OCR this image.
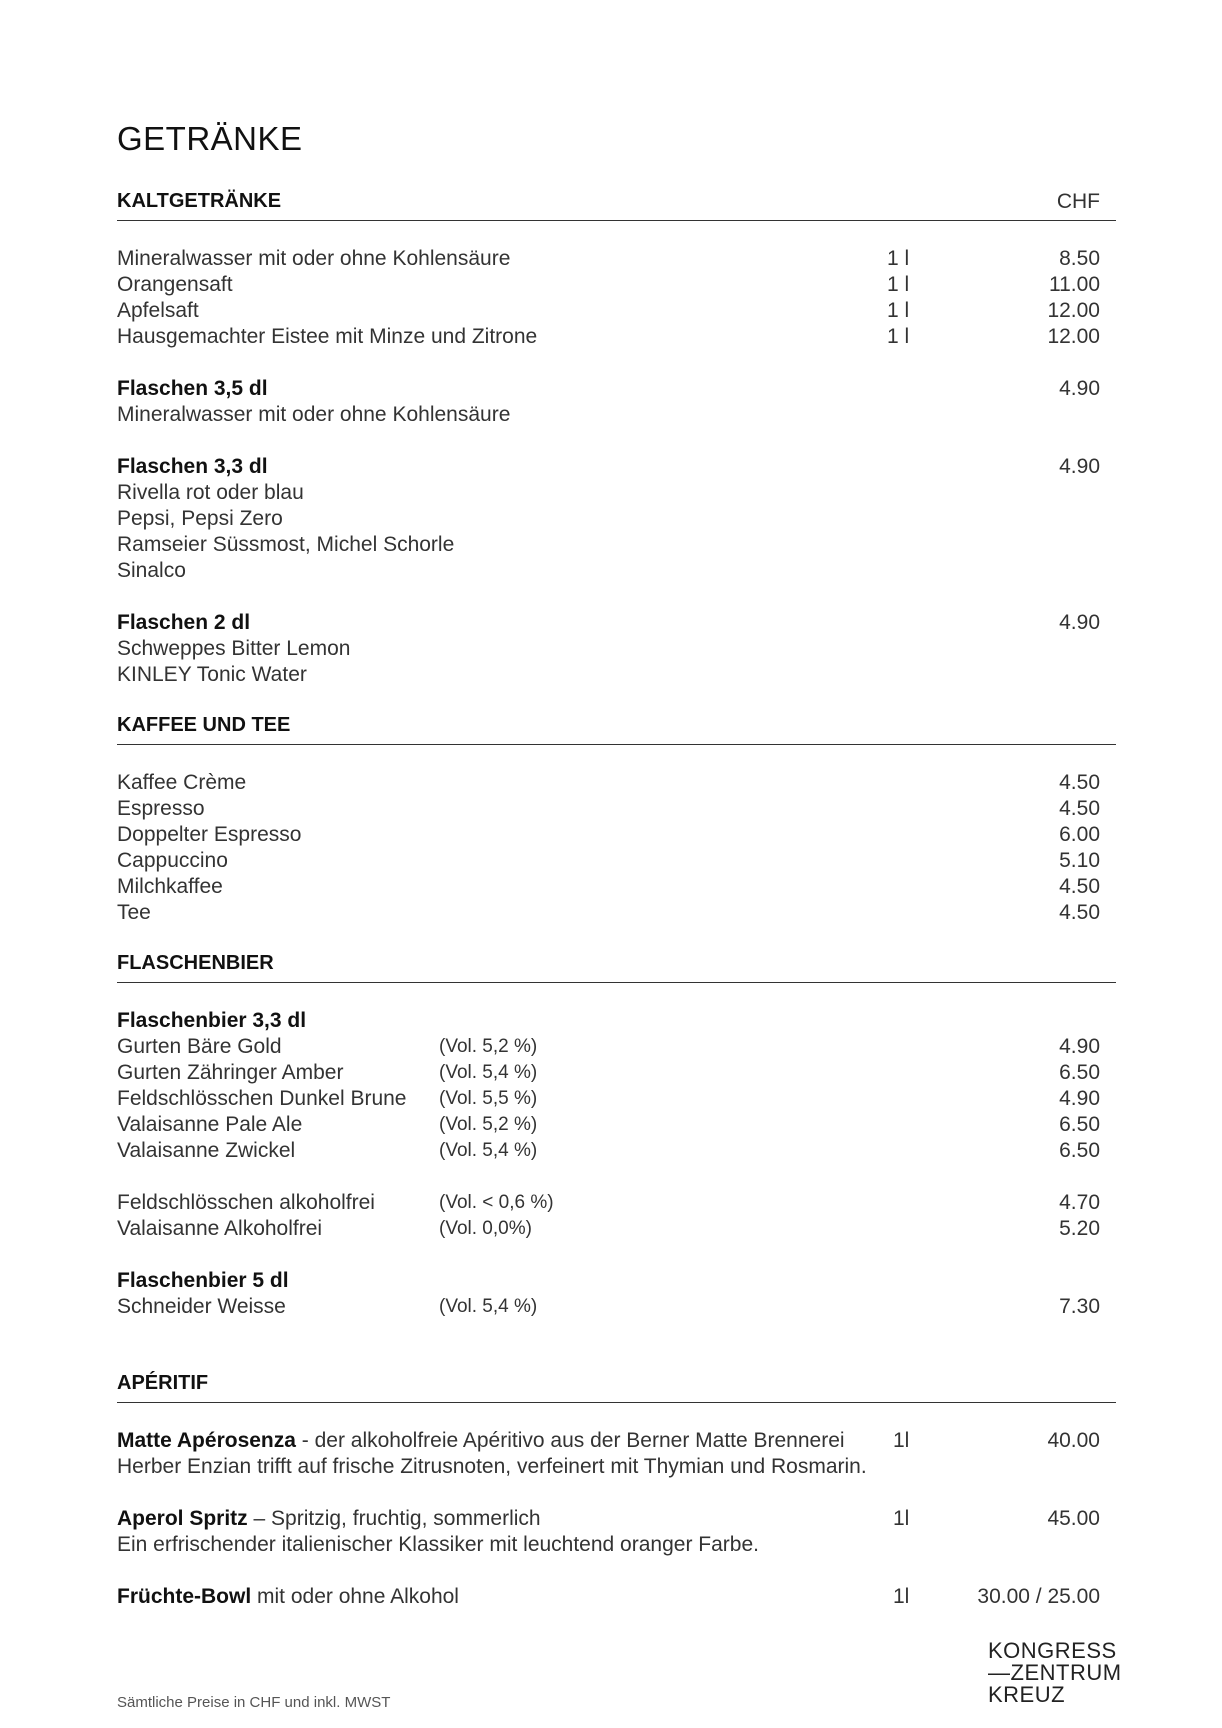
GETRÄNKE
KALTGETRÄNKE	CHF
Mineralwasser mit oder ohne Kohlensäure	1 l	8.50
Orangensaft	1 l	11.00
Apfelsaft	1 l	12.00
Hausgemachter Eistee mit Minze und Zitrone	1 l	12.00
Flaschen 3,5 dl	4.90
Mineralwasser mit oder ohne Kohlensäure
Flaschen 3,3 dl	4.90
Rivella rot oder blau
Pepsi, Pepsi Zero
Ramseier Süssmost, Michel Schorle
Sinalco
Flaschen 2 dl	4.90
Schweppes Bitter Lemon
KINLEY Tonic Water
KAFFEE UND TEE
Kaffee Crème	4.50
Espresso	4.50
Doppelter Espresso	6.00
Cappuccino	5.10
Milchkaffee	4.50
Tee	4.50
FLASCHENBIER
Flaschenbier 3,3 dl
Gurten Bäre Gold	(Vol. 5,2 %)	4.90
Gurten Zähringer Amber	(Vol. 5,4 %)	6.50
Feldschlösschen Dunkel Brune (Vol. 5,5 %)	4.90
Valaisanne Pale Ale	(Vol. 5,2 %)	6.50
Valaisanne Zwickel	(Vol. 5,4 %)	6.50
Feldschlösschen alkoholfrei	(Vol. < 0,6 %)	4.70
Valaisanne Alkoholfrei	(Vol. 0,0%)	5.20
Flaschenbier 5 dl
Schneider Weisse	(Vol. 5,4 %)	7.30
APÉRITIF
Matte Apérosenza - der alkoholfreie Apéritivo aus der Berner Matte Brennerei 1l	40.00
Herber Enzian trifft auf frische Zitrusnoten, verfeinert mit Thymian und Rosmarin.
Aperol Spritz – Spritzig, fruchtig, sommerlich	1l	45.00
Ein erfrischender italienischer Klassiker mit leuchtend oranger Farbe.
Früchte-Bowl mit oder ohne Alkohol	1l	30.00 / 25.00
Sämtliche Preise in CHF und inkl. MWST
KONGRESS
—ZENTRUM
KREUZ
